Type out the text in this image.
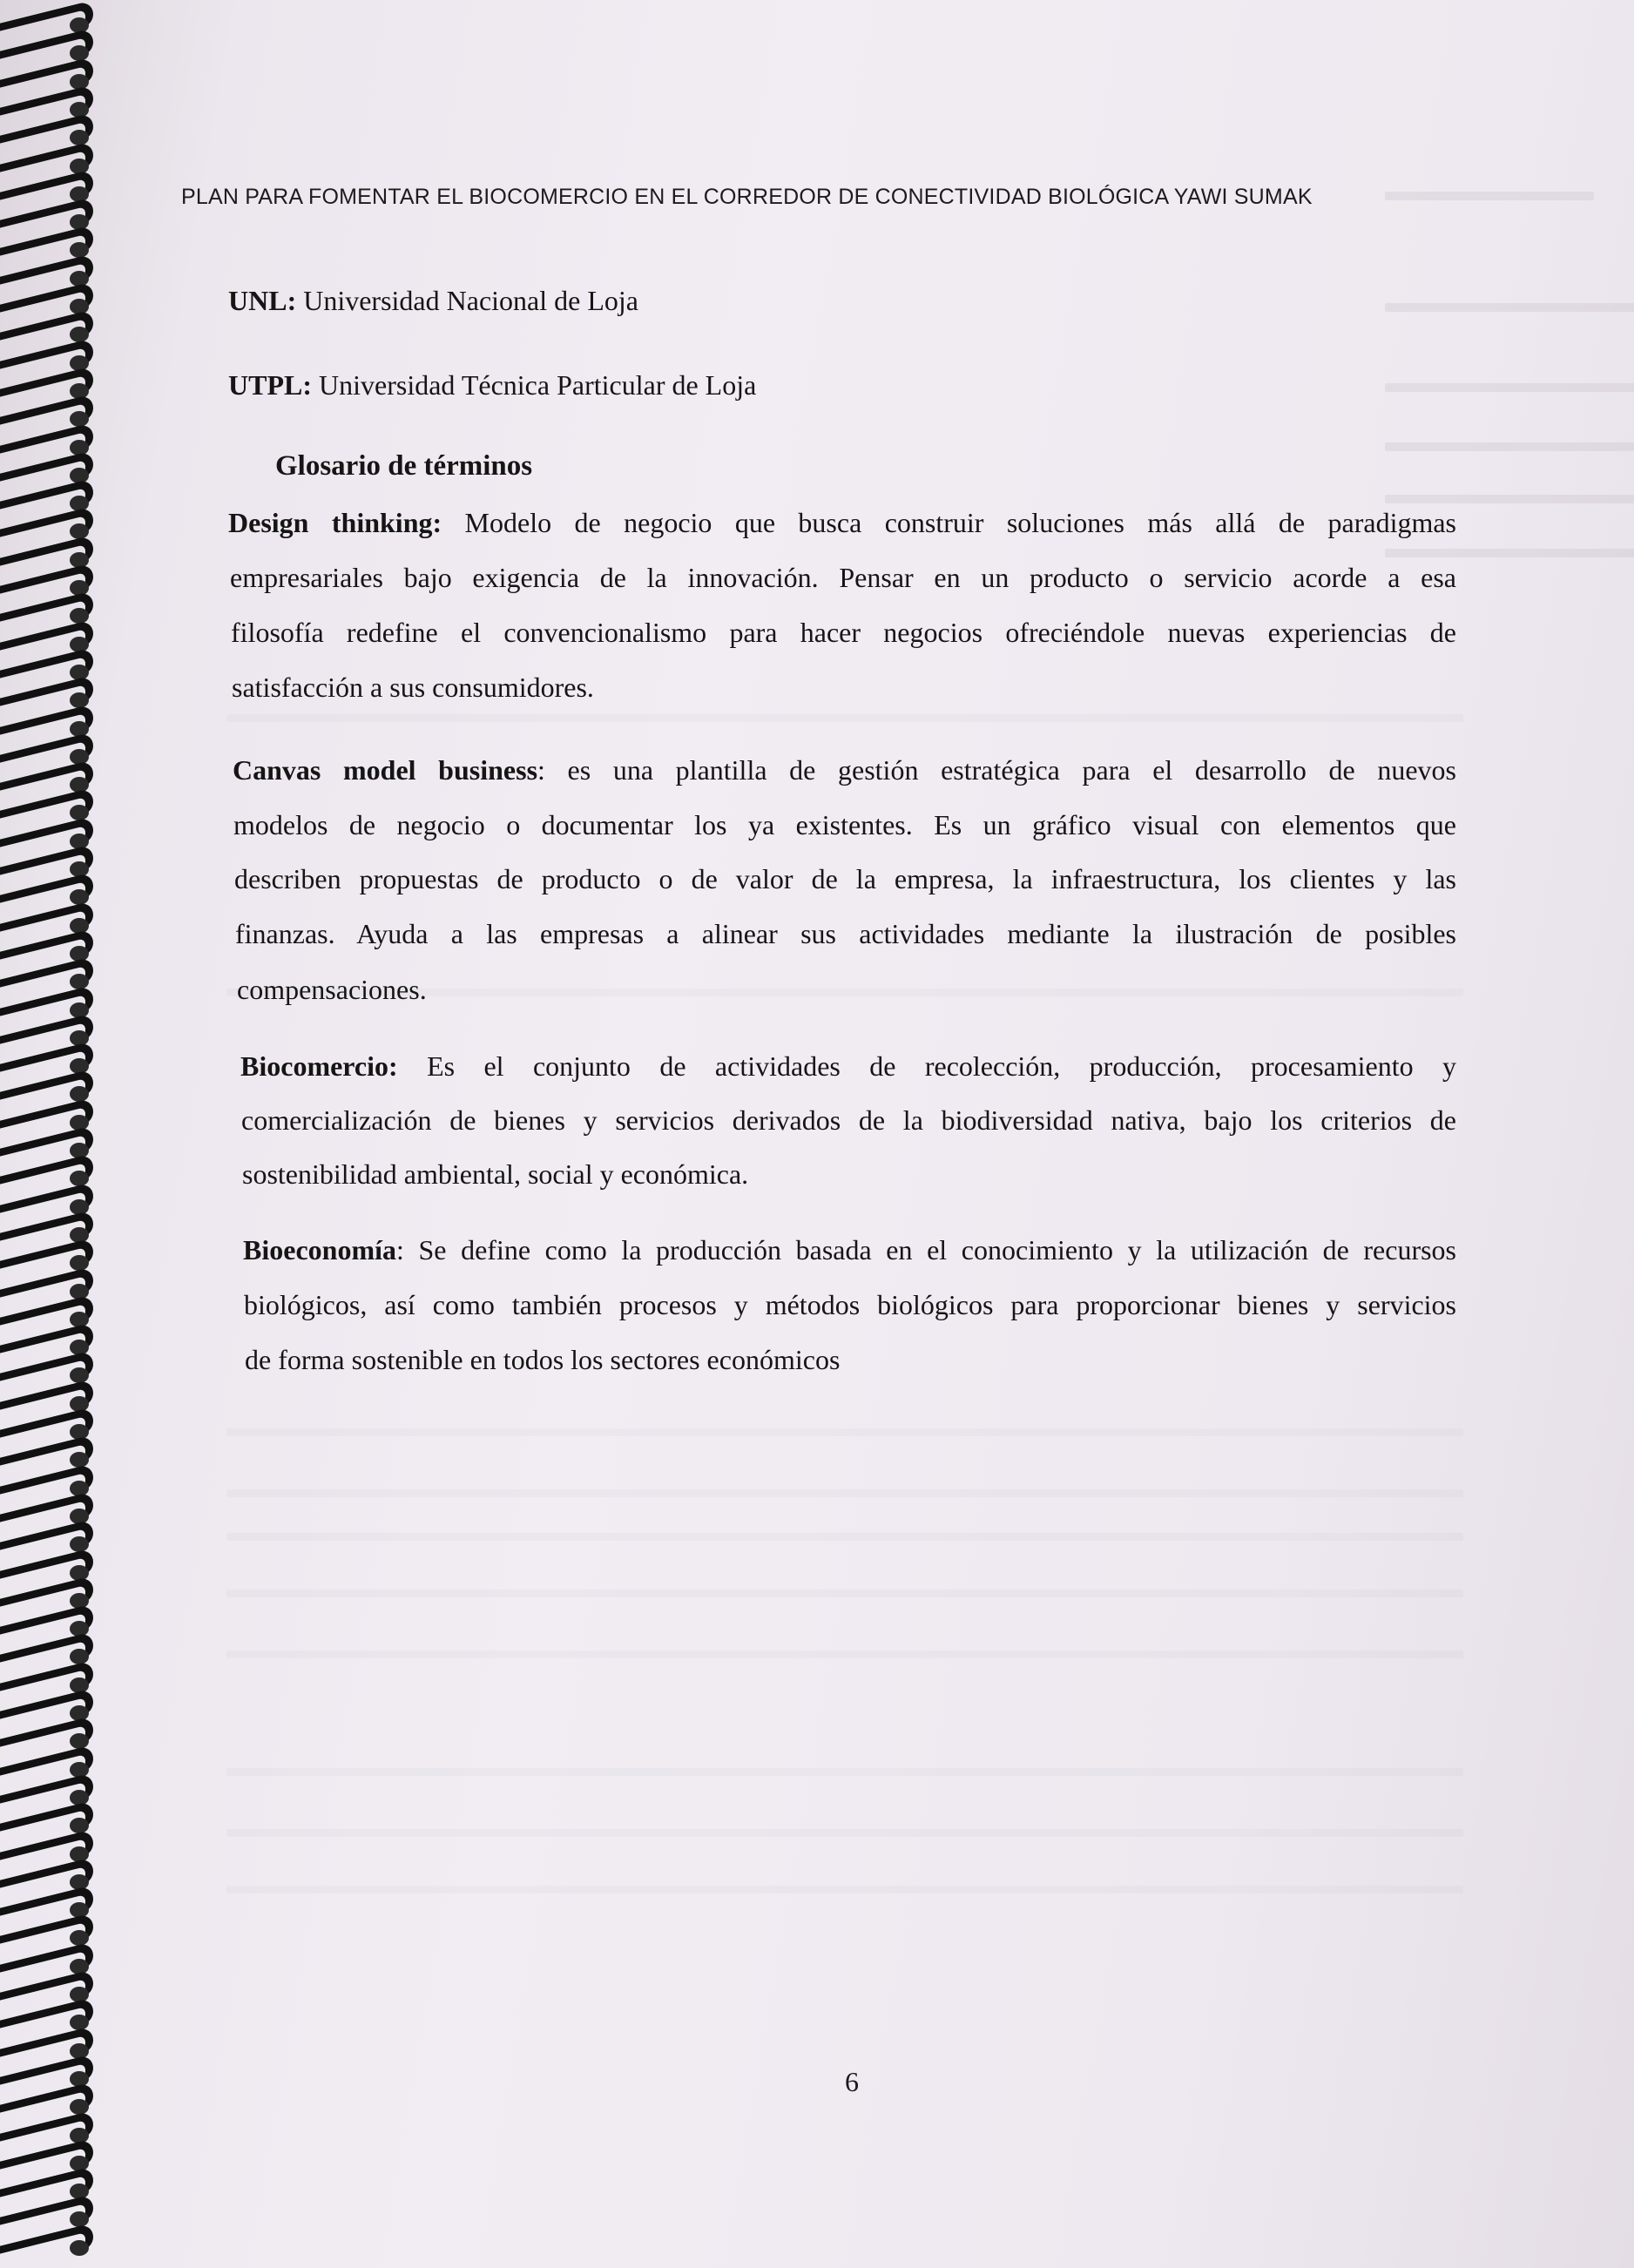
PLAN PARA FOMENTAR EL BIOCOMERCIO EN EL CORREDOR DE CONECTIVIDAD BIOLÓGICA YAWI SUMAK
UNL: Universidad Nacional de Loja
UTPL: Universidad Técnica Particular de Loja
Glosario de términos
Design thinking: Modelo de negocio que busca construir soluciones más allá de paradigmas
empresariales bajo exigencia de la innovación. Pensar en un producto o servicio acorde a esa
filosofía redefine el convencionalismo para hacer negocios ofreciéndole nuevas experiencias de
satisfacción a sus consumidores.
Canvas model business: es una plantilla de gestión estratégica para el desarrollo de nuevos
modelos de negocio o documentar los ya existentes. Es un gráfico visual con elementos que
describen propuestas de producto o de valor de la empresa, la infraestructura, los clientes y las
finanzas. Ayuda a las empresas a alinear sus actividades mediante la ilustración de posibles
compensaciones.
Biocomercio: Es el conjunto de actividades de recolección, producción, procesamiento y
comercialización de bienes y servicios derivados de la biodiversidad nativa, bajo los criterios de
sostenibilidad ambiental, social y económica.
Bioeconomía: Se define como la producción basada en el conocimiento y la utilización de recursos
biológicos, así como también procesos y métodos biológicos para proporcionar bienes y servicios
de forma sostenible en todos los sectores económicos
6
